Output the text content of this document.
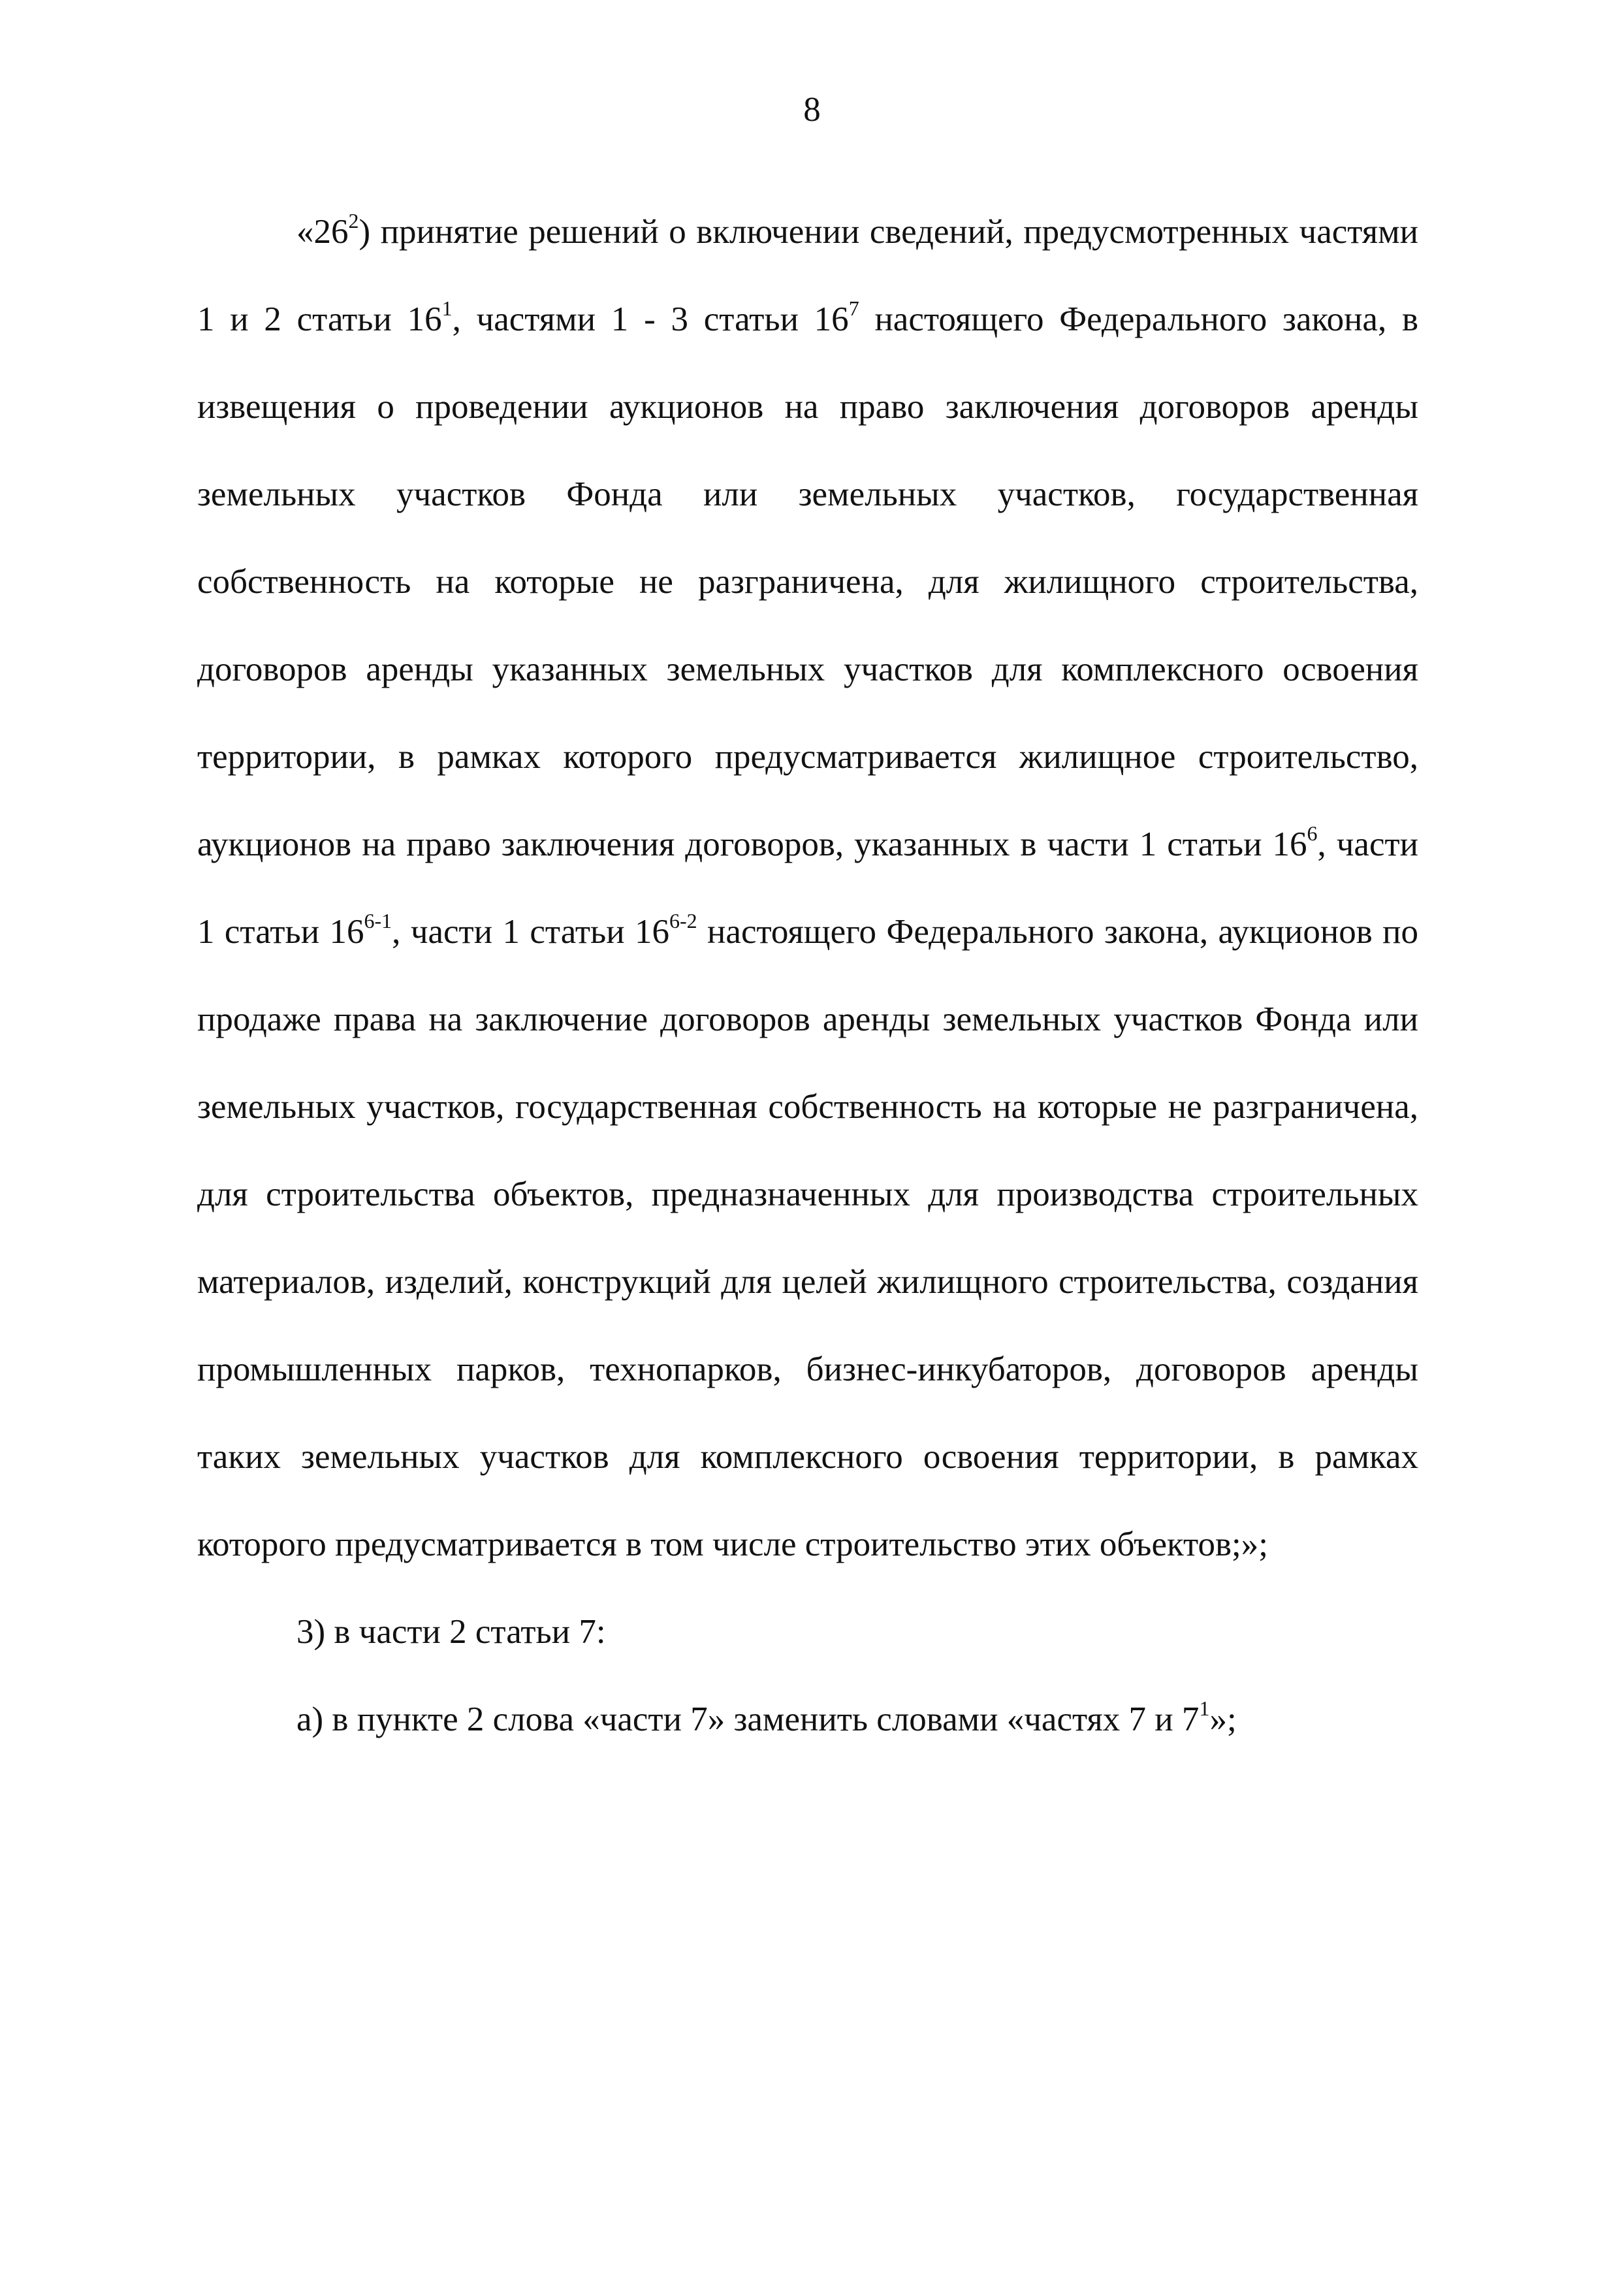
8

«$26^2$) принятие решений о включении сведений, предусмотренных частями 1 и 2 статьи $16^1$, частями 1 - 3 статьи $16^7$ настоящего Федерального закона, в извещения о проведении аукционов на право заключения договоров аренды земельных участков Фонда или земельных участков, государственная собственность на которые не разграничена, для жилищного строительства, договоров аренды указанных земельных участков для комплексного освоения территории, в рамках которого предусматривается жилищное строительство, аукционов на право заключения договоров, указанных в части 1 статьи $16^6$, части 1 статьи 16$^{6-1}$, части 1 статьи 16$^{6-2}$ настоящего Федерального закона, аукционов по продаже права на заключение договоров аренды земельных участков Фонда или земельных участков, государственная собственность на которые не разграничена, для строительства объектов, предназначенных для производства строительных материалов, изделий, конструкций для целей жилищного строительства, создания промышленных парков, технопарков, бизнес-инкубаторов, договоров аренды таких земельных участков для комплексного освоения территории, в рамках которого предусматривается в том числе строительство этих объектов;»;

3) в части 2 статьи 7:

а) в пункте 2 слова «части 7» заменить словами «частях 7 и $7^1$»;
